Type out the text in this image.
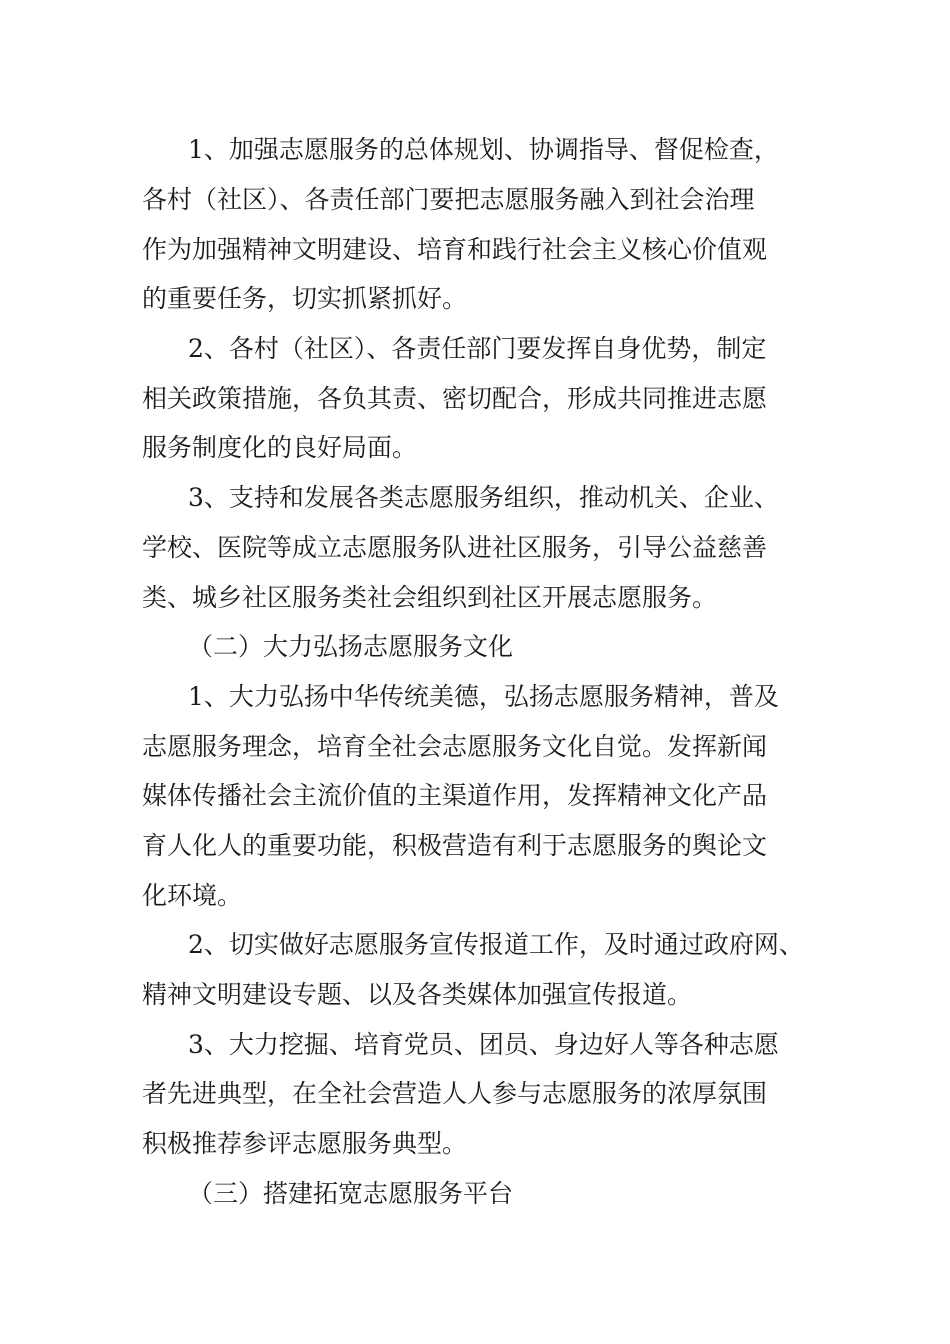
1、加强志愿服务的总体规划、协调指导、督促检查，
各村（社区）、各责任部门要把志愿服务融入到社会治理
作为加强精神文明建设、培育和践行社会主义核心价值观
的重要任务，切实抓紧抓好。
2、各村（社区）、各责任部门要发挥自身优势，制定
相关政策措施，各负其责、密切配合，形成共同推进志愿
服务制度化的良好局面。
3、支持和发展各类志愿服务组织，推动机关、企业、
学校、医院等成立志愿服务队进社区服务，引导公益慈善
类、城乡社区服务类社会组织到社区开展志愿服务。
（二）大力弘扬志愿服务文化
1、大力弘扬中华传统美德，弘扬志愿服务精神，普及
志愿服务理念，培育全社会志愿服务文化自觉。发挥新闻
媒体传播社会主流价值的主渠道作用，发挥精神文化产品
育人化人的重要功能，积极营造有利于志愿服务的舆论文
化环境。
2、切实做好志愿服务宣传报道工作，及时通过政府网、
精神文明建设专题、以及各类媒体加强宣传报道。
3、大力挖掘、培育党员、团员、身边好人等各种志愿
者先进典型，在全社会营造人人参与志愿服务的浓厚氛围
积极推荐参评志愿服务典型。
（三）搭建拓宽志愿服务平台
